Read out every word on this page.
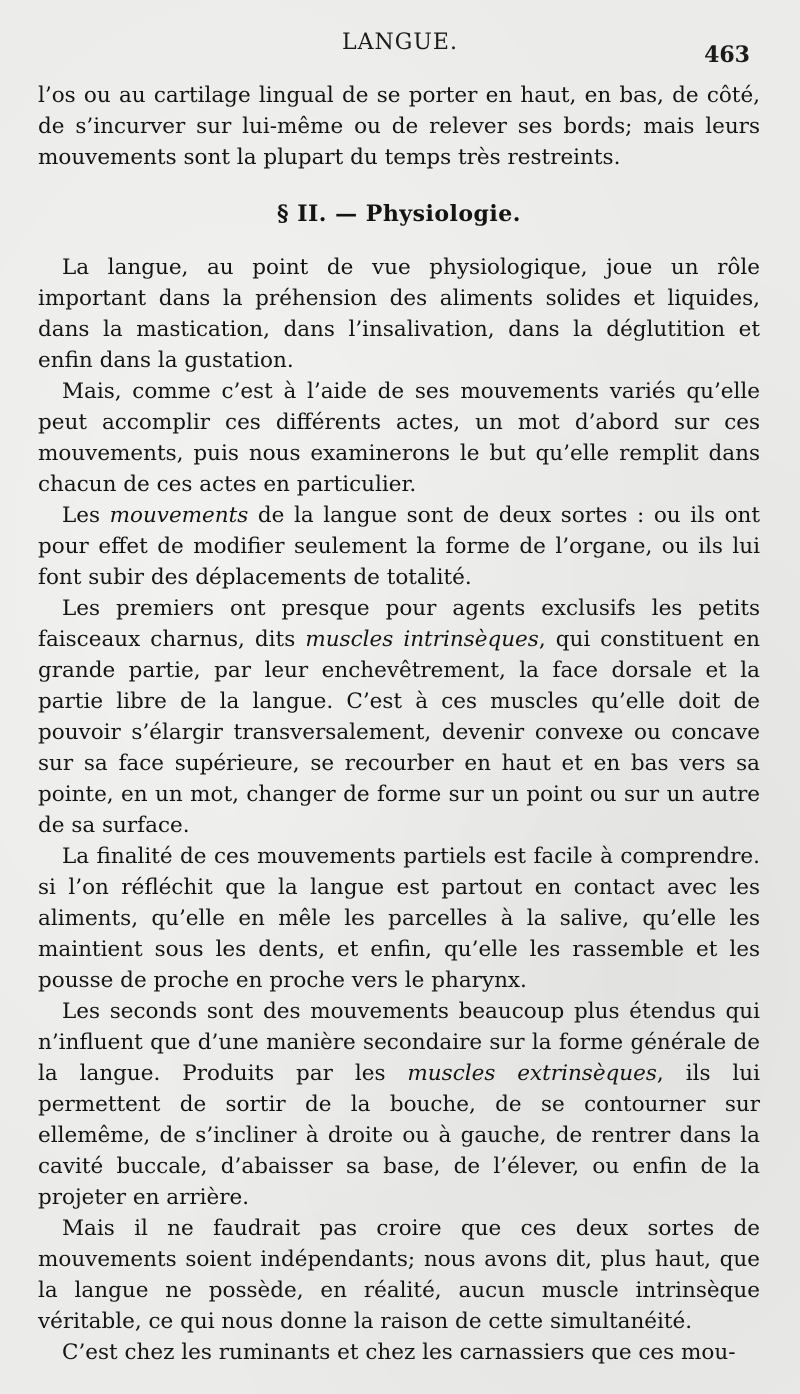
LANGUE.	463

l’os ou au cartilage lingual de se porter en haut, en bas, de côté, de s’incurver sur lui-même ou de relever ses bords; mais leurs mouvements sont la plupart du temps très restreints.

§ II. — Physiologie.

La langue, au point de vue physiologique, joue un rôle important dans la préhension des aliments solides et liquides, dans la mastication, dans l’insalivation, dans la déglutition et enfin dans la gustation.

Mais, comme c’est à l’aide de ses mouvements variés qu’elle peut accomplir ces différents actes, un mot d’abord sur ces mouvements, puis nous examinerons le but qu’elle remplit dans chacun de ces actes en particulier.

Les mouvements de la langue sont de deux sortes : ou ils ont pour effet de modifier seulement la forme de l’organe, ou ils lui font subir des déplacements de totalité.

Les premiers ont presque pour agents exclusifs les petits faisceaux charnus, dits muscles intrinsèques, qui constituent en grande partie, par leur enchevêtrement, la face dorsale et la partie libre de la langue. C’est à ces muscles qu’elle doit de pouvoir s’élargir transversalement, devenir convexe ou concave sur sa face supérieure, se recourber en haut et en bas vers sa pointe, en un mot, changer de forme sur un point ou sur un autre de sa surface.

La finalité de ces mouvements partiels est facile à comprendre. si l’on réfléchit que la langue est partout en contact avec les aliments, qu’elle en mêle les parcelles à la salive, qu’elle les maintient sous les dents, et enfin, qu’elle les rassemble et les pousse de proche en proche vers le pharynx.

Les seconds sont des mouvements beaucoup plus étendus qui n’influent que d’une manière secondaire sur la forme générale de la langue. Produits par les muscles extrinsèques, ils lui permettent de sortir de la bouche, de se contourner sur ellemême, de s’incliner à droite ou à gauche, de rentrer dans la cavité buccale, d’abaisser sa base, de l’élever, ou enfin de la projeter en arrière.

Mais il ne faudrait pas croire que ces deux sortes de mouvements soient indépendants; nous avons dit, plus haut, que la langue ne possède, en réalité, aucun muscle intrinsèque véritable, ce qui nous donne la raison de cette simultanéité.

C’est chez les ruminants et chez les carnassiers que ces mou-
